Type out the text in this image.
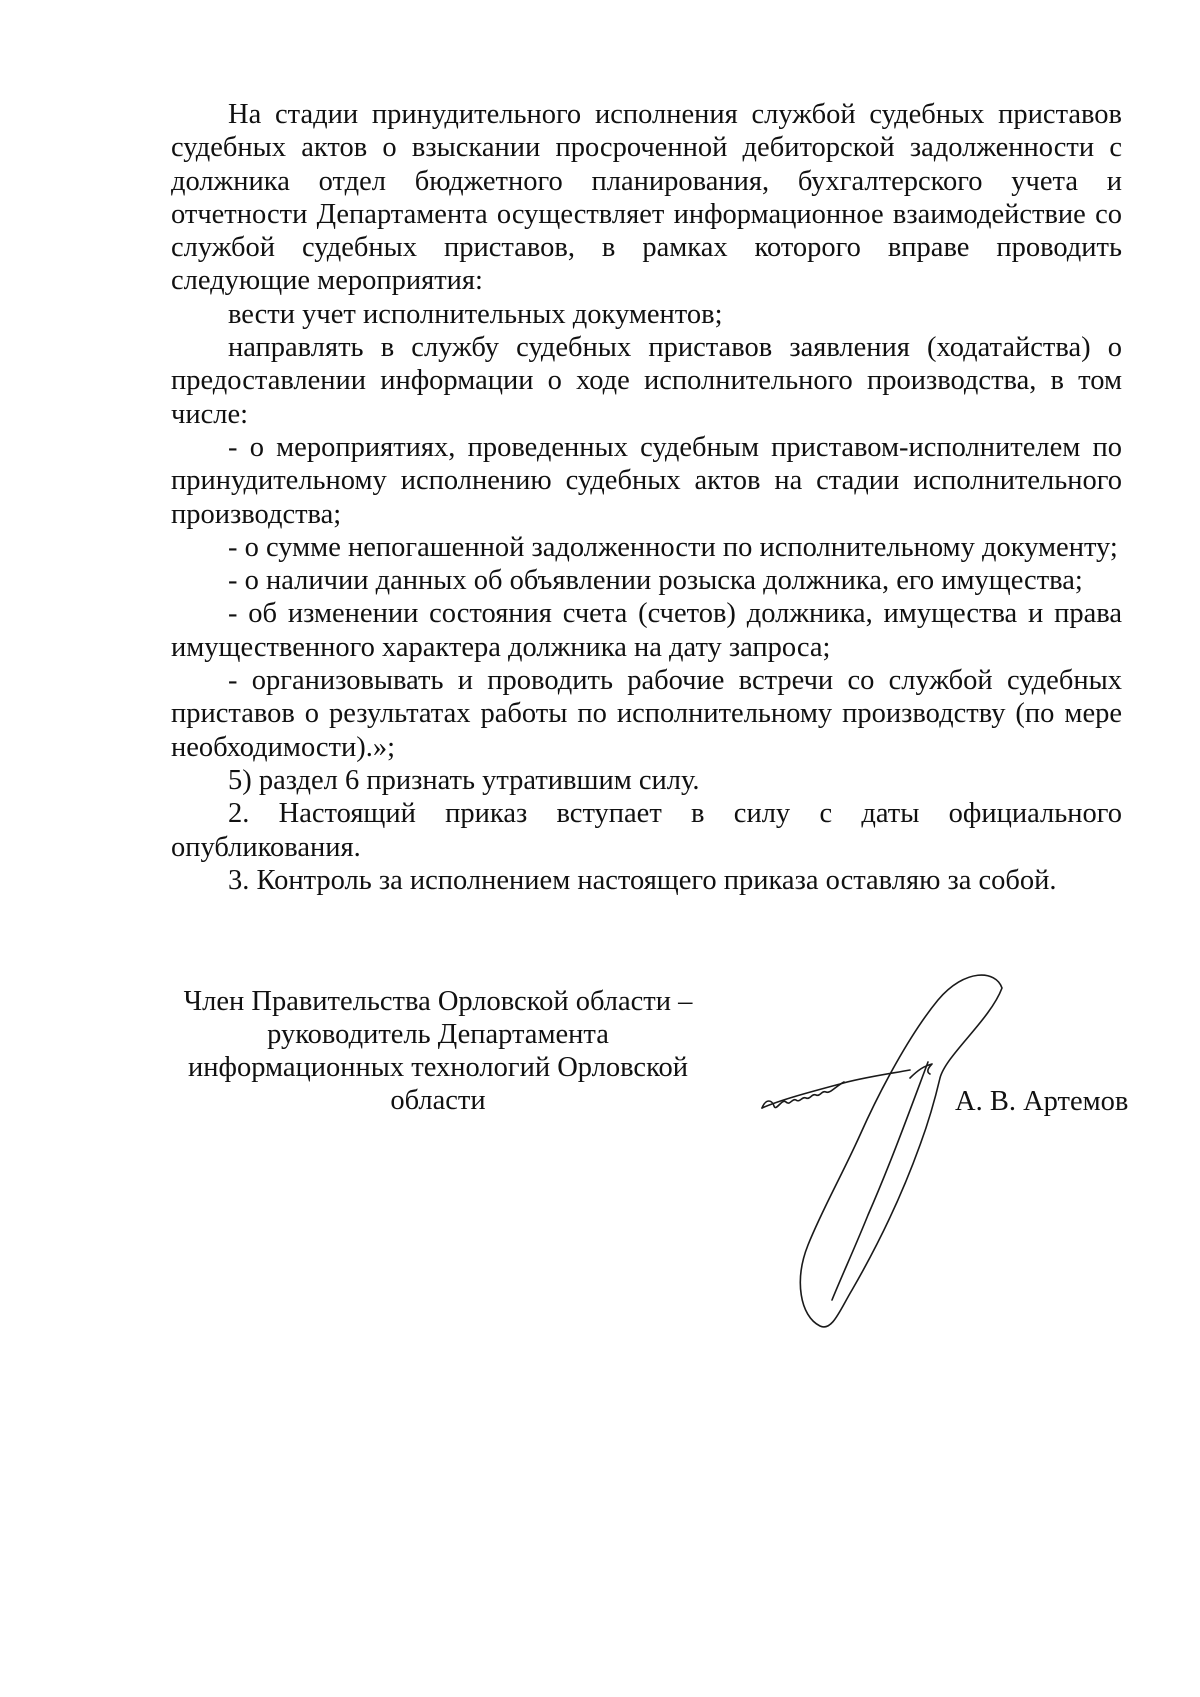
На стадии принудительного исполнения службой судебных приставов судебных актов о взыскании просроченной дебиторской задолженности с должника отдел бюджетного планирования, бухгалтерского учета и отчетности Департамента осуществляет информационное взаимодействие со службой судебных приставов, в рамках которого вправе проводить следующие мероприятия:

вести учет исполнительных документов;

направлять в службу судебных приставов заявления (ходатайства) о предоставлении информации о ходе исполнительного производства, в том числе:

- о мероприятиях, проведенных судебным приставом-исполнителем по принудительному исполнению судебных актов на стадии исполнительного производства;

- о сумме непогашенной задолженности по исполнительному документу;

- о наличии данных об объявлении розыска должника, его имущества;

- об изменении состояния счета (счетов) должника, имущества и права имущественного характера должника на дату запроса;

- организовывать и проводить рабочие встречи со службой судебных приставов о результатах работы по исполнительному производству (по мере необходимости).»;

5) раздел 6 признать утратившим силу.

2. Настоящий приказ вступает в силу с даты официального опубликования.

3. Контроль за исполнением настоящего приказа оставляю за собой.

Член Правительства Орловской области –
руководитель Департамента
информационных технологий Орловской
области	А. В. Артемов
